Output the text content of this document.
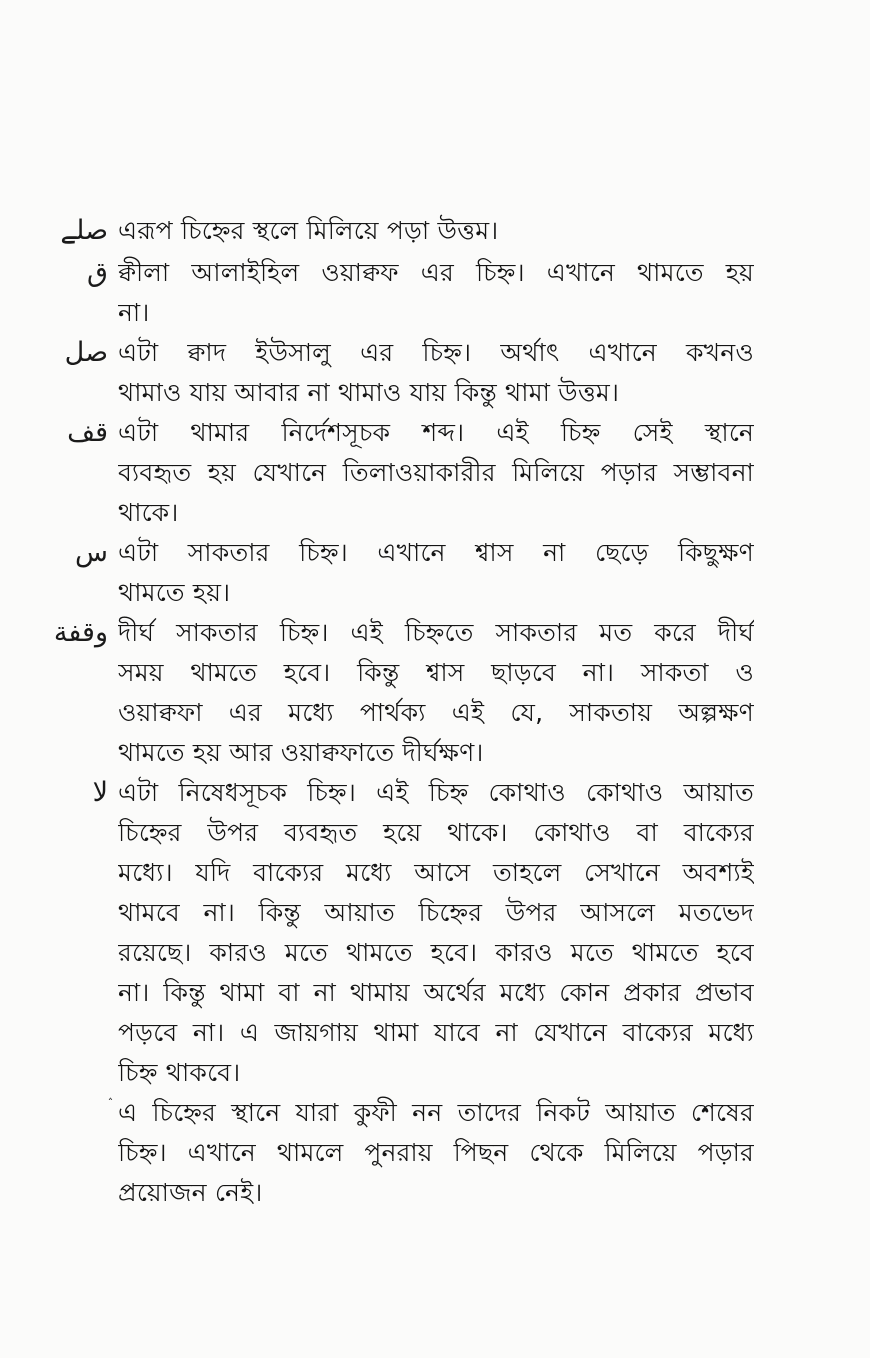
صلے এরূপ চিহ্নের স্থলে মিলিয়ে পড়া উত্তম।
ق ক্বীলা আলাইহিল ওয়াক্বফ এর চিহ্ন। এখানে থামতে হয়
না।
صل এটা ক্বাদ ইউসালু এর চিহ্ন। অর্থাৎ এখানে কখনও
থামাও যায় আবার না থামাও যায় কিন্তু থামা উত্তম।
قف এটা থামার নির্দেশসূচক শব্দ। এই চিহ্ন সেই স্থানে
ব্যবহৃত হয় যেখানে তিলাওয়াকারীর মিলিয়ে পড়ার সম্ভাবনা
থাকে।
س এটা সাকতার চিহ্ন। এখানে শ্বাস না ছেড়ে কিছুক্ষণ
থামতে হয়।
وقفة দীর্ঘ সাকতার চিহ্ন। এই চিহ্নতে সাকতার মত করে দীর্ঘ
সময় থামতে হবে। কিন্তু শ্বাস ছাড়বে না। সাকতা ও
ওয়াক্বফা এর মধ্যে পার্থক্য এই যে, সাকতায় অল্পক্ষণ
থামতে হয় আর ওয়াক্বফাতে দীর্ঘক্ষণ।
لا এটা নিষেধসূচক চিহ্ন। এই চিহ্ন কোথাও কোথাও আয়াত
চিহ্নের উপর ব্যবহৃত হয়ে থাকে। কোথাও বা বাক্যের
মধ্যে। যদি বাক্যের মধ্যে আসে তাহলে সেখানে অবশ্যই
থামবে না। কিন্তু আয়াত চিহ্নের উপর আসলে মতভেদ
রয়েছে। কারও মতে থামতে হবে। কারও মতে থামতে হবে
না। কিন্তু থামা বা না থামায় অর্থের মধ্যে কোন প্রকার প্রভাব
পড়বে না। এ জায়গায় থামা যাবে না যেখানে বাক্যের মধ্যে
চিহ্ন থাকবে।
এ চিহ্নের স্থানে যারা কুফী নন তাদের নিকট আয়াত শেষের
চিহ্ন। এখানে থামলে পুনরায় পিছন থেকে মিলিয়ে পড়ার
প্রয়োজন নেই।
